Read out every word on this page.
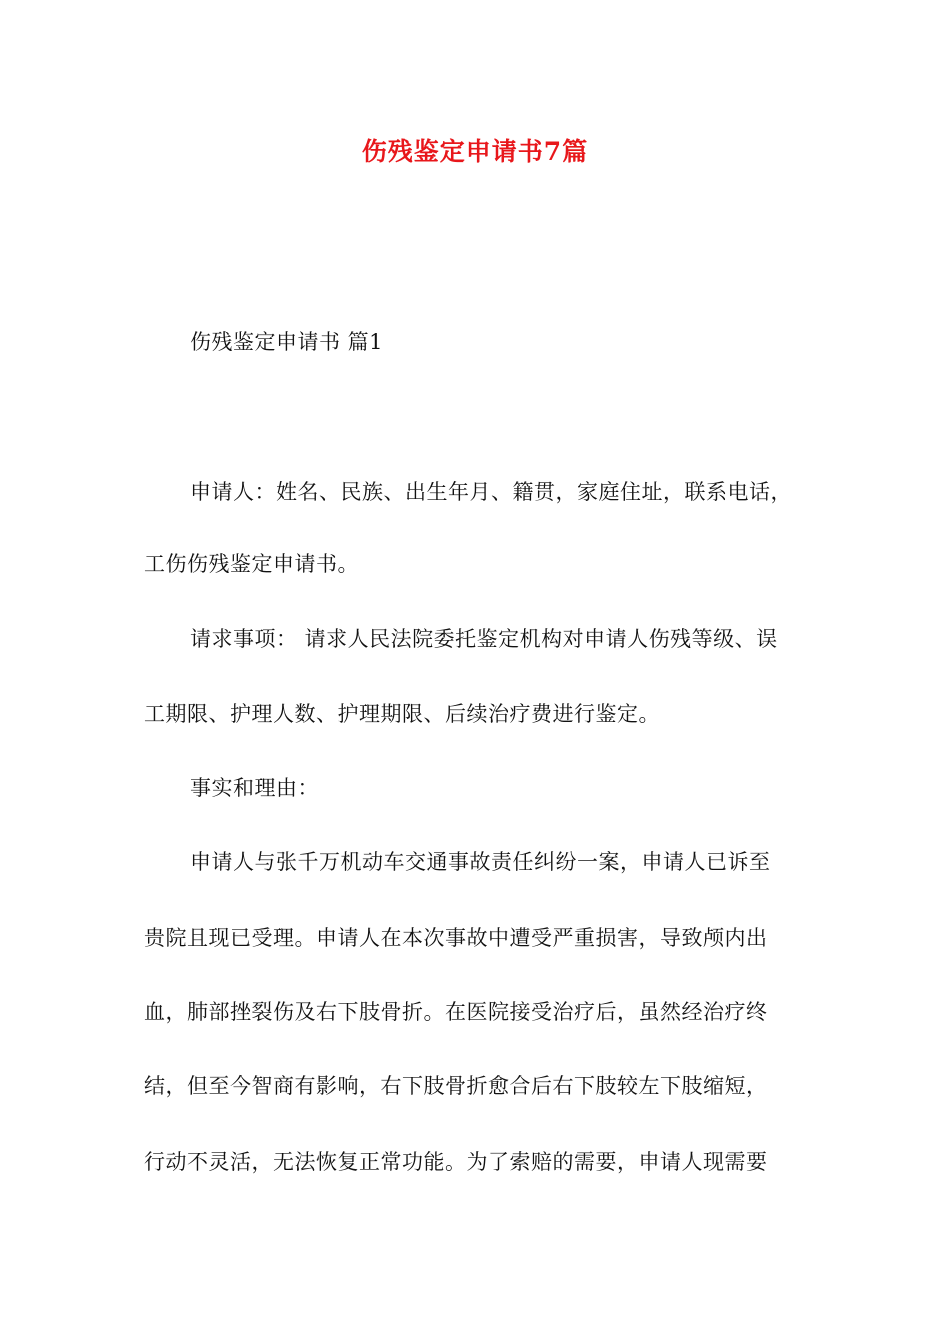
伤残鉴定申请书7篇
伤残鉴定申请书 篇1
申请人：姓名、民族、出生年月、籍贯，家庭住址，联系电话，
工伤伤残鉴定申请书。
请求事项： 请求人民法院委托鉴定机构对申请人伤残等级、误
工期限、护理人数、护理期限、后续治疗费进行鉴定。
事实和理由：
申请人与张千万机动车交通事故责任纠纷一案，申请人已诉至
贵院且现已受理。申请人在本次事故中遭受严重损害，导致颅内出
血，肺部挫裂伤及右下肢骨折。在医院接受治疗后，虽然经治疗终
结，但至今智商有影响，右下肢骨折愈合后右下肢较左下肢缩短，
行动不灵活，无法恢复正常功能。为了索赔的需要，申请人现需要
